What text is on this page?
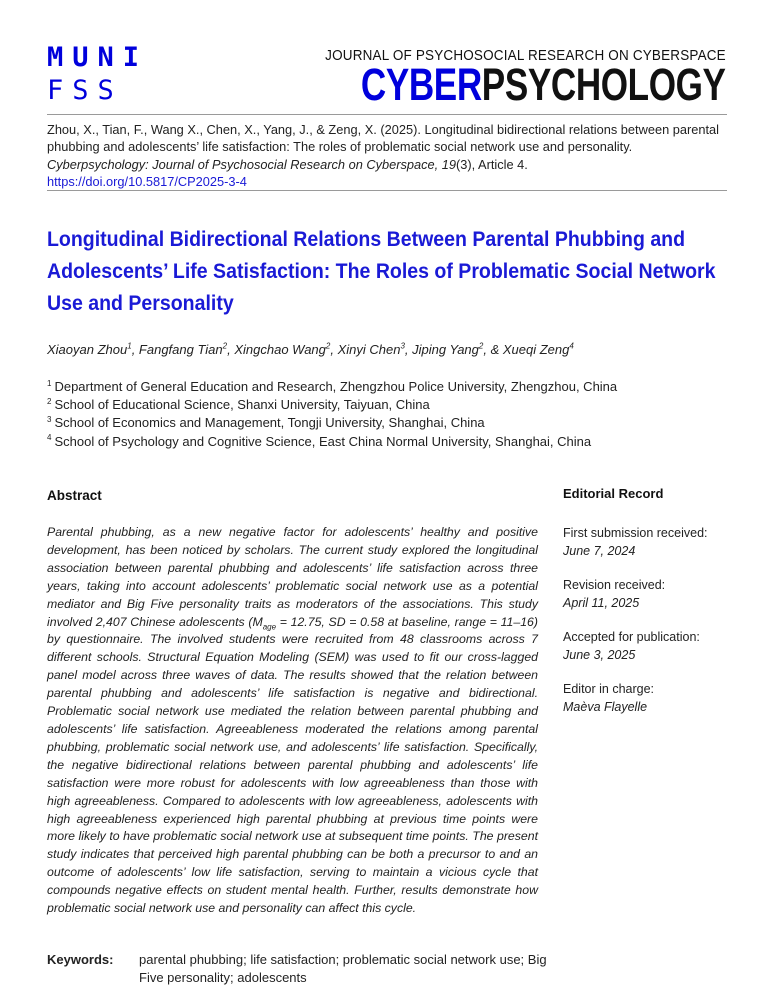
MUNI
FSS
JOURNAL OF PSYCHOSOCIAL RESEARCH ON CYBERSPACE
CYBERPSYCHOLOGY
Zhou, X., Tian, F., Wang X., Chen, X., Yang, J., & Zeng, X. (2025). Longitudinal bidirectional relations between parental phubbing and adolescents’ life satisfaction: The roles of problematic social network use and personality. Cyberpsychology: Journal of Psychosocial Research on Cyberspace, 19(3), Article 4.
https://doi.org/10.5817/CP2025-3-4
Longitudinal Bidirectional Relations Between Parental Phubbing and Adolescents’ Life Satisfaction: The Roles of Problematic Social Network Use and Personality
Xiaoyan Zhou$^1$, Fangfang Tian$^2$, Xingchao Wang$^2$, Xinyi Chen$^3$, Jiping Yang$^2$, & Xueqi Zeng$^4$
$^1$ Department of General Education and Research, Zhengzhou Police University, Zhengzhou, China
$^2$ School of Educational Science, Shanxi University, Taiyuan, China
$^3$ School of Economics and Management, Tongji University, Shanghai, China
$^4$ School of Psychology and Cognitive Science, East China Normal University, Shanghai, China
Abstract

Parental phubbing, as a new negative factor for adolescents’ healthy and positive development, has been noticed by scholars. The current study explored the longitudinal association between parental phubbing and adolescents’ life satisfaction across three years, taking into account adolescents’ problematic social network use as a potential mediator and Big Five personality traits as moderators of the associations. This study involved 2,407 Chinese adolescents ($M_{age} = 12.75$, SD = 0.58 at baseline, range = 11–16) by questionnaire. The involved students were recruited from 48 classrooms across 7 different schools. Structural Equation Modeling (SEM) was used to fit our cross-lagged panel model across three waves of data. The results showed that the relation between parental phubbing and adolescents’ life satisfaction is negative and bidirectional. Problematic social network use mediated the relation between parental phubbing and adolescents’ life satisfaction. Agreeableness moderated the relations among parental phubbing, problematic social network use, and adolescents’ life satisfaction. Specifically, the negative bidirectional relations between parental phubbing and adolescents’ life satisfaction were more robust for adolescents with low agreeableness than those with high agreeableness. Compared to adolescents with low agreeableness, adolescents with high agreeableness experienced high parental phubbing at previous time points were more likely to have problematic social network use at subsequent time points. The present study indicates that perceived high parental phubbing can be both a precursor to and an outcome of adolescents’ low life satisfaction, serving to maintain a vicious cycle that compounds negative effects on student mental health. Further, results demonstrate how problematic social network use and personality can affect this cycle.

Editorial Record
First submission received:
June 7, 2024
Revision received:
April 11, 2025
Accepted for publication:
June 3, 2025
Editor in charge:
Maèva Flayelle
Keywords:	parental phubbing; life satisfaction; problematic social network use; Big Five personality; adolescents
